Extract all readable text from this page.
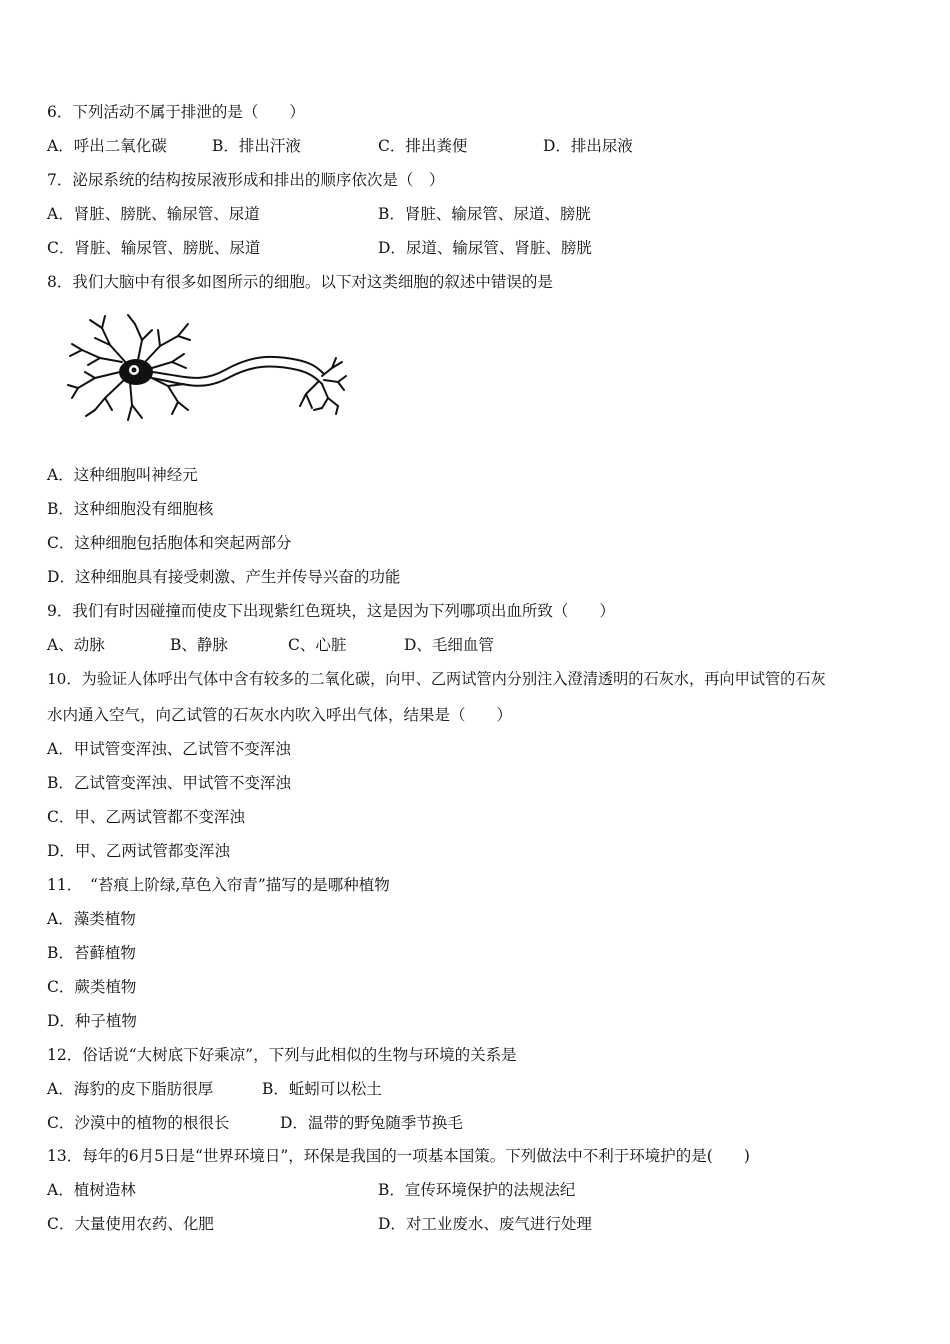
6．下列活动不属于排泄的是（　　）
A．呼出二氧化碳	B．排出汗液	C．排出粪便	D．排出尿液
7．泌尿系统的结构按尿液形成和排出的顺序依次是（　）
A．肾脏、膀胱、输尿管、尿道	B．肾脏、输尿管、尿道、膀胱
C．肾脏、输尿管、膀胱、尿道	D．尿道、输尿管、肾脏、膀胱
8．我们大脑中有很多如图所示的细胞。以下对这类细胞的叙述中错误的是
A．这种细胞叫神经元
B．这种细胞没有细胞核
C．这种细胞包括胞体和突起两部分
D．这种细胞具有接受刺激、产生并传导兴奋的功能
9．我们有时因碰撞而使皮下出现紫红色斑块，这是因为下列哪项出血所致（　　）
A、动脉	B、静脉	C、心脏	D、毛细血管
10．为验证人体呼出气体中含有较多的二氧化碳，向甲、乙两试管内分别注入澄清透明的石灰水，再向甲试管的石灰
水内通入空气，向乙试管的石灰水内吹入呼出气体，结果是（　　）
A．甲试管变浑浊、乙试管不变浑浊
B．乙试管变浑浊、甲试管不变浑浊
C．甲、乙两试管都不变浑浊
D．甲、乙两试管都变浑浊
11．　“苔痕上阶绿,草色入帘青”描写的是哪种植物
A．藻类植物
B．苔藓植物
C．蕨类植物
D．种子植物
12．俗话说“大树底下好乘凉”，下列与此相似的生物与环境的关系是
A．海豹的皮下脂肪很厚	B．蚯蚓可以松土
C．沙漠中的植物的根很长	D．温带的野兔随季节换毛
13．每年的6月5日是“世界环境日”，环保是我国的一项基本国策。下列做法中不利于环境护的是(　　)
A．植树造林	B．宣传环境保护的法规法纪
C．大量使用农药、化肥	D．对工业废水、废气进行处理
